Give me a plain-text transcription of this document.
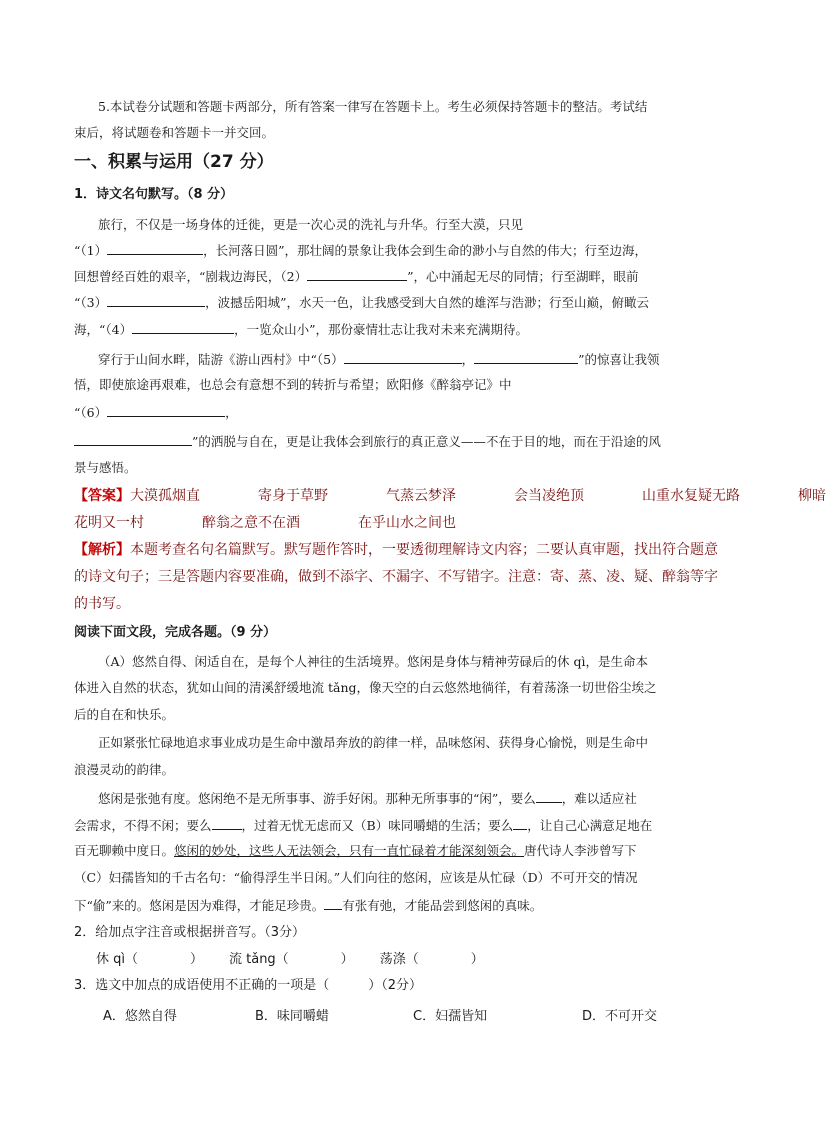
5.本试卷分试题和答题卡两部分，所有答案一律写在答题卡上。考生必须保持答题卡的整洁。考试结
束后，将试题卷和答题卡一并交回。
一、积累与运用（27 分）
1．诗文名句默写。（8 分）
旅行，不仅是一场身体的迁徙，更是一次心灵的洗礼与升华。行至大漠，只见
“（1）	，长河落日圆”，那壮阔的景象让我体会到生命的渺小与自然的伟大；行至边海，
回想曾经百姓的艰辛，“剧栽边海民，（2）	”，心中涌起无尽的同情；行至湖畔，眼前
“（3）	，波撼岳阳城”，水天一色，让我感受到大自然的雄浑与浩渺；行至山巅，俯瞰云
海，“（4）	，一览众山小”，那份豪情壮志让我对未来充满期待。
穿行于山间水畔，陆游《游山西村》中“（5）	，	”的惊喜让我领
悟，即使旅途再艰难，也总会有意想不到的转折与希望；欧阳修《醉翁亭记》中
“（6）	，
”的洒脱与自在，更是让我体会到旅行的真正意义——不在于目的地，而在于沿途的风
景与感悟。
【答案】大漠孤烟直	寄身于草野	气蒸云梦泽	会当凌绝顶	山重水复疑无路	柳暗
花明又一村	醉翁之意不在酒	在乎山水之间也
【解析】本题考查名句名篇默写。默写题作答时，一要透彻理解诗文内容；二要认真审题，找出符合题意
的诗文句子；三是答题内容要准确，做到不添字、不漏字、不写错字。注意：寄、蒸、凌、疑、醉翁等字
的书写。
阅读下面文段，完成各题。（9 分）
（A）悠然自得、闲适自在，是每个人神往的生活境界。悠闲是身体与精神劳碌后的休 qì，是生命本
体进入自然的状态，犹如山间的清溪舒缓地流 tǎng，像天空的白云悠然地徜徉，有着荡涤一切世俗尘埃之
后的自在和快乐。
正如紧张忙碌地追求事业成功是生命中激昂奔放的韵律一样，品味悠闲、获得身心愉悦，则是生命中
浪漫灵动的韵律。
悠闲是张弛有度。悠闲绝不是无所事事、游手好闲。那种无所事事的“闲”，要么 ，难以适应社
会需求，不得不闲；要么 ，过着无忧无虑而又（B）味同嚼蜡的生活；要么 ，让自己心满意足地在
百无聊赖中度日。悠闲的妙处，这些人无法领会，只有一直忙碌着才能深刻领会。唐代诗人李涉曾写下
（C）妇孺皆知的千古名句：“偷得浮生半日闲。”人们向往的悠闲，应该是从忙碌（D）不可开交的情况
下“偷”来的。悠闲是因为难得，才能足珍贵。 有张有弛，才能品尝到悠闲的真味。
2．给加点字注音或根据拼音写。（3分）
休 qì（　　　　） 流 tǎng（　　　　） 荡涤（　　　　）
3．选文中加点的成语使用不正确的一项是（　　　）（2分）
A．悠然自得	B．味同嚼蜡	C．妇孺皆知	D．不可开交
